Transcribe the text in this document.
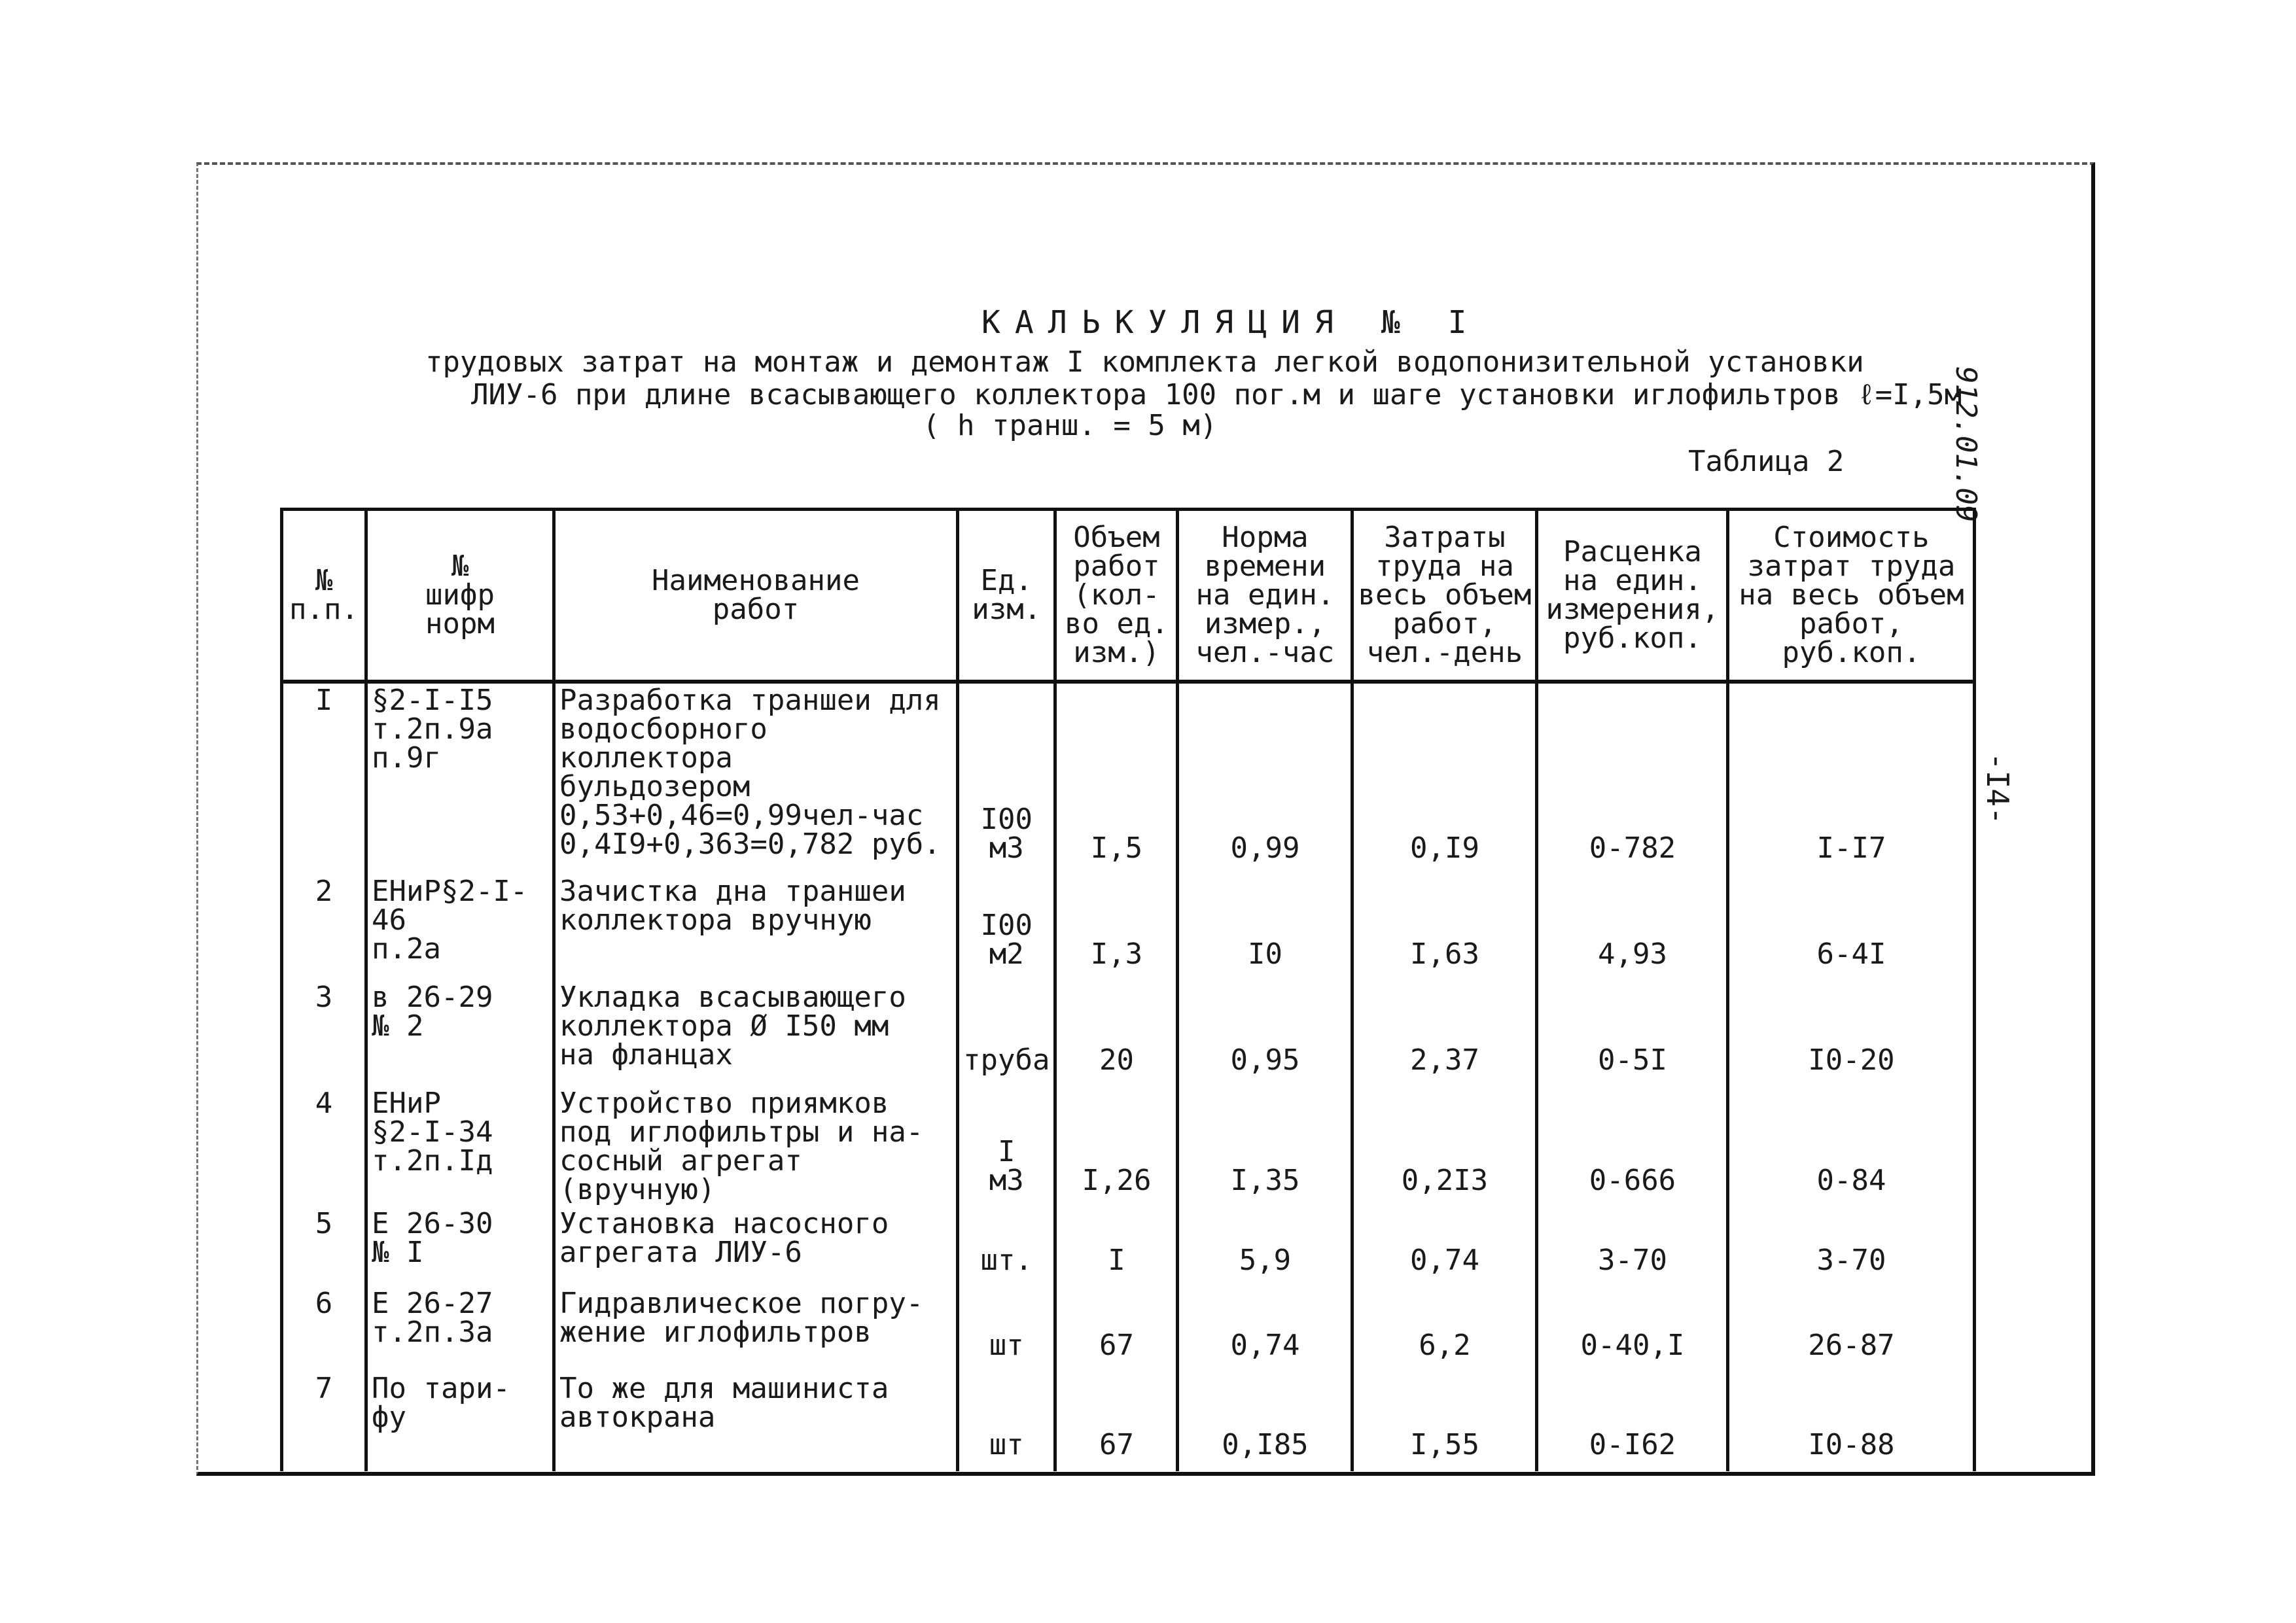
КАЛЬКУЛЯЦИЯ № I
трудовых затрат на монтаж и демонтаж I комплекта легкой водопонизительной установки
ЛИУ-6 при длине всасывающего коллектора 100 пог.м и шаге установки иглофильтров ℓ=I,5м
( h транш. = 5 м)
Таблица 2	912.01.09
-I4-
№
п.п.	№
шифр
норм	Наименование
работ	Ед.
изм.	Объем
работ
(кол-
во ед.
изм.)	Норма
времени
на един.
измер.,
чел.-час	Затраты
труда на
весь объем
работ,
чел.-день	Расценка
на един.
измерения,
руб.коп.	Стоимость
затрат труда
на весь объем
работ,
руб.коп.
I	§2-I-I5
т.2п.9а
п.9г	Разработка траншеи для
водосборного коллектора
бульдозером
0,53+0,46=0,99чел-час
0,4I9+0,363=0,782 руб.	I00
м3	I,5	0,99	0,I9	0-782	I-I7
2	ЕНиР§2-I-46
п.2а	Зачистка дна траншеи
коллектора вручную	I00
м2	I,3	I0	I,63	4,93	6-4I
3	в 26-29
№ 2	Укладка всасывающего
коллектора Ø I50 мм
на фланцах	труба	20	0,95	2,37	0-5I	I0-20
4	ЕНиР
§2-I-34
т.2п.Iд	Устройство приямков
под иглофильтры и на-
сосный агрегат (вручную)	I
м3	I,26	I,35	0,2I3	0-666	0-84
5	Е 26-30
№ I	Установка насосного
агрегата ЛИУ-6	шт.	I	5,9	0,74	3-70	3-70
6	Е 26-27
т.2п.3а	Гидравлическое погру-
жение иглофильтров	шт	67	0,74	6,2	0-40,I	26-87
7	По тари-
фу	То же для машиниста
автокрана	шт	67	0,I85	I,55	0-I62	I0-88
